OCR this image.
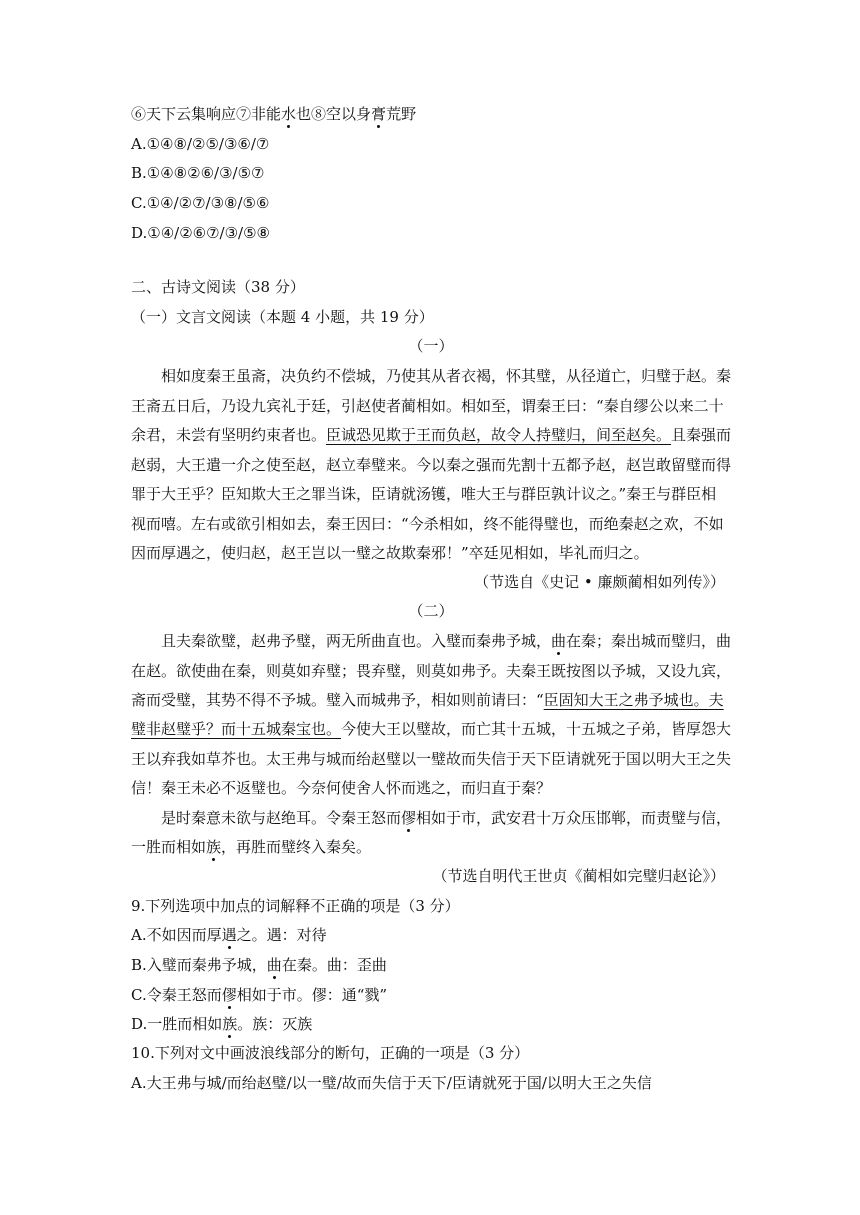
⑥天下云集响应⑦非能水也⑧空以身膏荒野
A.①④⑧/②⑤/③⑥/⑦
B.①④⑧②⑥/③/⑤⑦
C.①④/②⑦/③⑧/⑤⑥
D.①④/②⑥⑦/③/⑤⑧
二、古诗文阅读（38 分）
（一）文言文阅读（本题 4 小题，共 19 分）
（一）
相如度秦王虽斋，决负约不偿城，乃使其从者衣褐，怀其璧，从径道亡，归璧于赵。秦
王斋五日后，乃设九宾礼于廷，引赵使者蔺相如。相如至，谓秦王曰：“秦自缪公以来二十
余君，未尝有坚明约束者也。臣诚恐见欺于王而负赵，故令人持璧归，间至赵矣。且秦强而
赵弱，大王遣一介之使至赵，赵立奉璧来。今以秦之强而先割十五都予赵，赵岂敢留璧而得
罪于大王乎？臣知欺大王之罪当诛，臣请就汤镬，唯大王与群臣孰计议之。”秦王与群臣相
视而嘻。左右或欲引相如去，秦王因曰：“今杀相如，终不能得璧也，而绝秦赵之欢，不如
因而厚遇之，使归赵，赵王岂以一璧之故欺秦邪！”卒廷见相如，毕礼而归之。
（节选自《史记 • 廉颇蔺相如列传》）
（二）
且夫秦欲璧，赵弗予璧，两无所曲直也。入璧而秦弗予城，曲在秦；秦出城而璧归，曲
在赵。欲使曲在秦，则莫如弃璧；畏弃璧，则莫如弗予。夫秦王既按图以予城，又设九宾，
斋而受璧，其势不得不予城。璧入而城弗予，相如则前请曰：“臣固知大王之弗予城也。夫
璧非赵璧乎？而十五城秦宝也。今使大王以璧故，而亡其十五城，十五城之子弟，皆厚怨大
王以弃我如草芥也。太王弗与城而绐赵璧以一璧故而失信于天下臣请就死于国以明大王之失
信！秦王未必不返璧也。今奈何使舍人怀而逃之，而归直于秦？
是时秦意未欲与赵绝耳。令秦王怒而僇相如于市，武安君十万众压邯郸，而责璧与信，
一胜而相如族，再胜而璧终入秦矣。
（节选自明代王世贞《蔺相如完璧归赵论》）
9.下列选项中加点的词解释不正确的项是（3 分）
A.不如因而厚遇之。遇：对待
B.入璧而秦弗予城，曲在秦。曲：歪曲
C.令秦王怒而僇相如于市。僇：通“戮”
D.一胜而相如族。族：灭族
10.下列对文中画波浪线部分的断句，正确的一项是（3 分）
A.大王弗与城/而绐赵璧/以一璧/故而失信于天下/臣请就死于国/以明大王之失信
